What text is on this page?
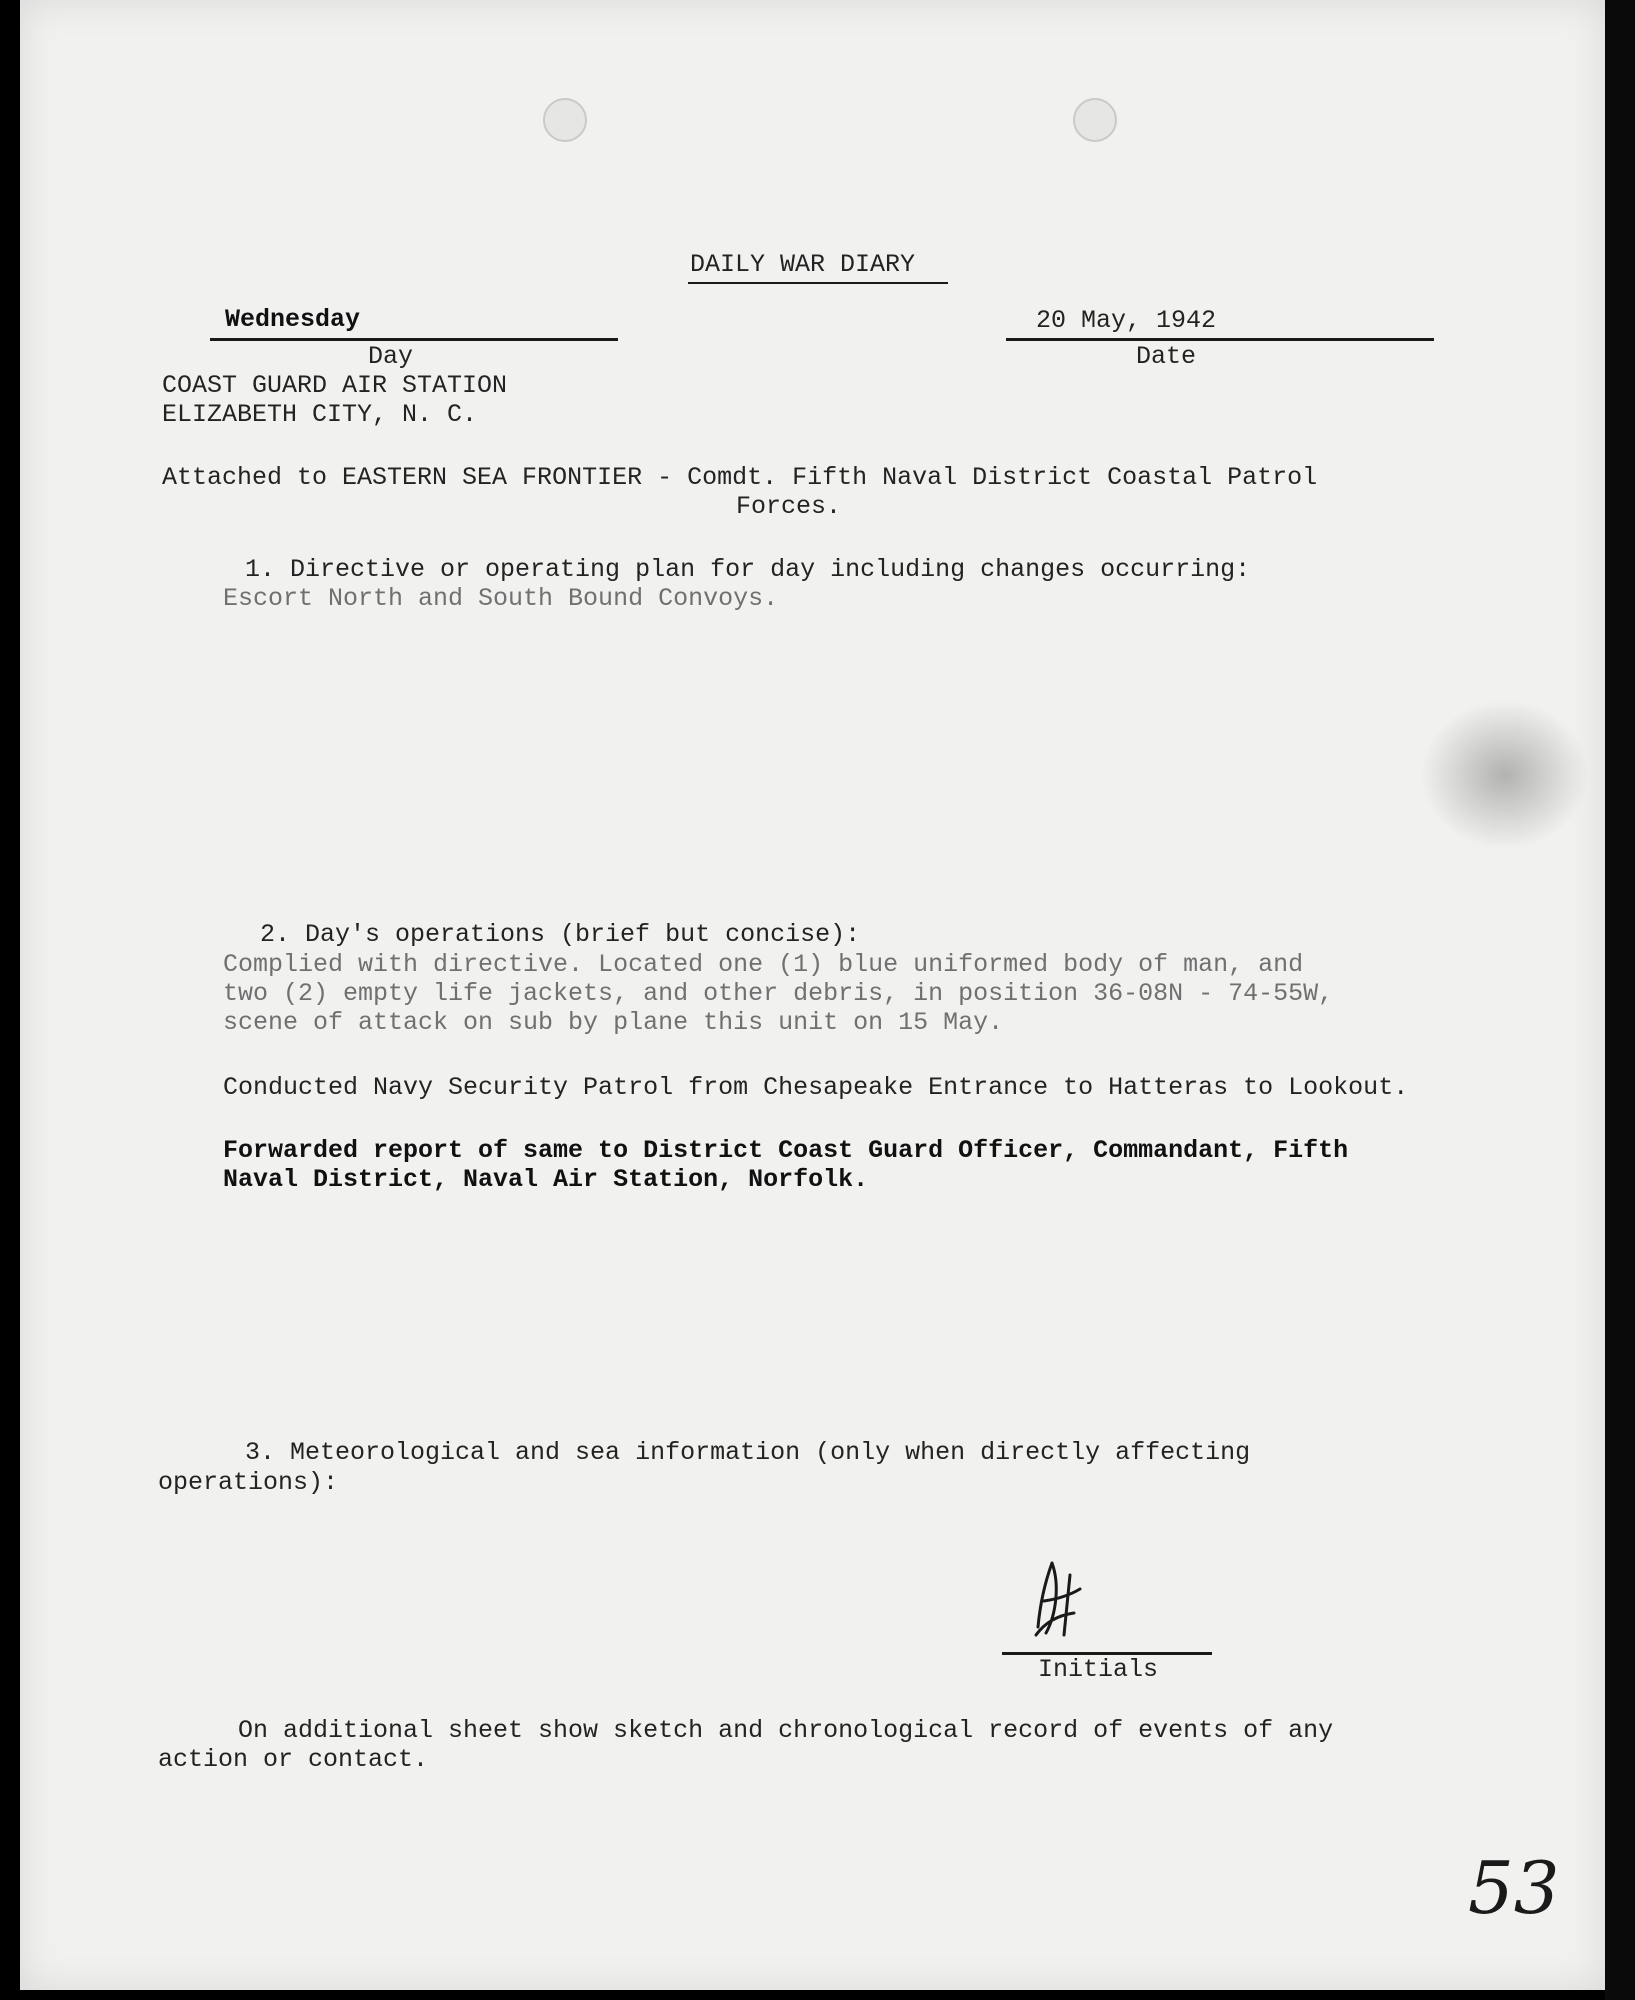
DAILY WAR DIARY

Wednesday

Day

20 May, 1942

Date

COAST GUARD AIR STATION

ELIZABETH CITY, N. C.

Attached to EASTERN SEA FRONTIER - Comdt. Fifth Naval District Coastal Patrol

Forces.

1. Directive or operating plan for day including changes occurring:

Escort North and South Bound Convoys.

2. Day's operations (brief but concise):

Complied with directive. Located one (1) blue uniformed body of man, and

two (2) empty life jackets, and other debris, in position 36-08N - 74-55W,

scene of attack on sub by plane this unit on 15 May.

Conducted Navy Security Patrol from Chesapeake Entrance to Hatteras to Lookout.

Forwarded report of same to District Coast Guard Officer, Commandant, Fifth

Naval District, Naval Air Station, Norfolk.

3. Meteorological and sea information (only when directly affecting

operations):

Initials

On additional sheet show sketch and chronological record of events of any

action or contact.

53
